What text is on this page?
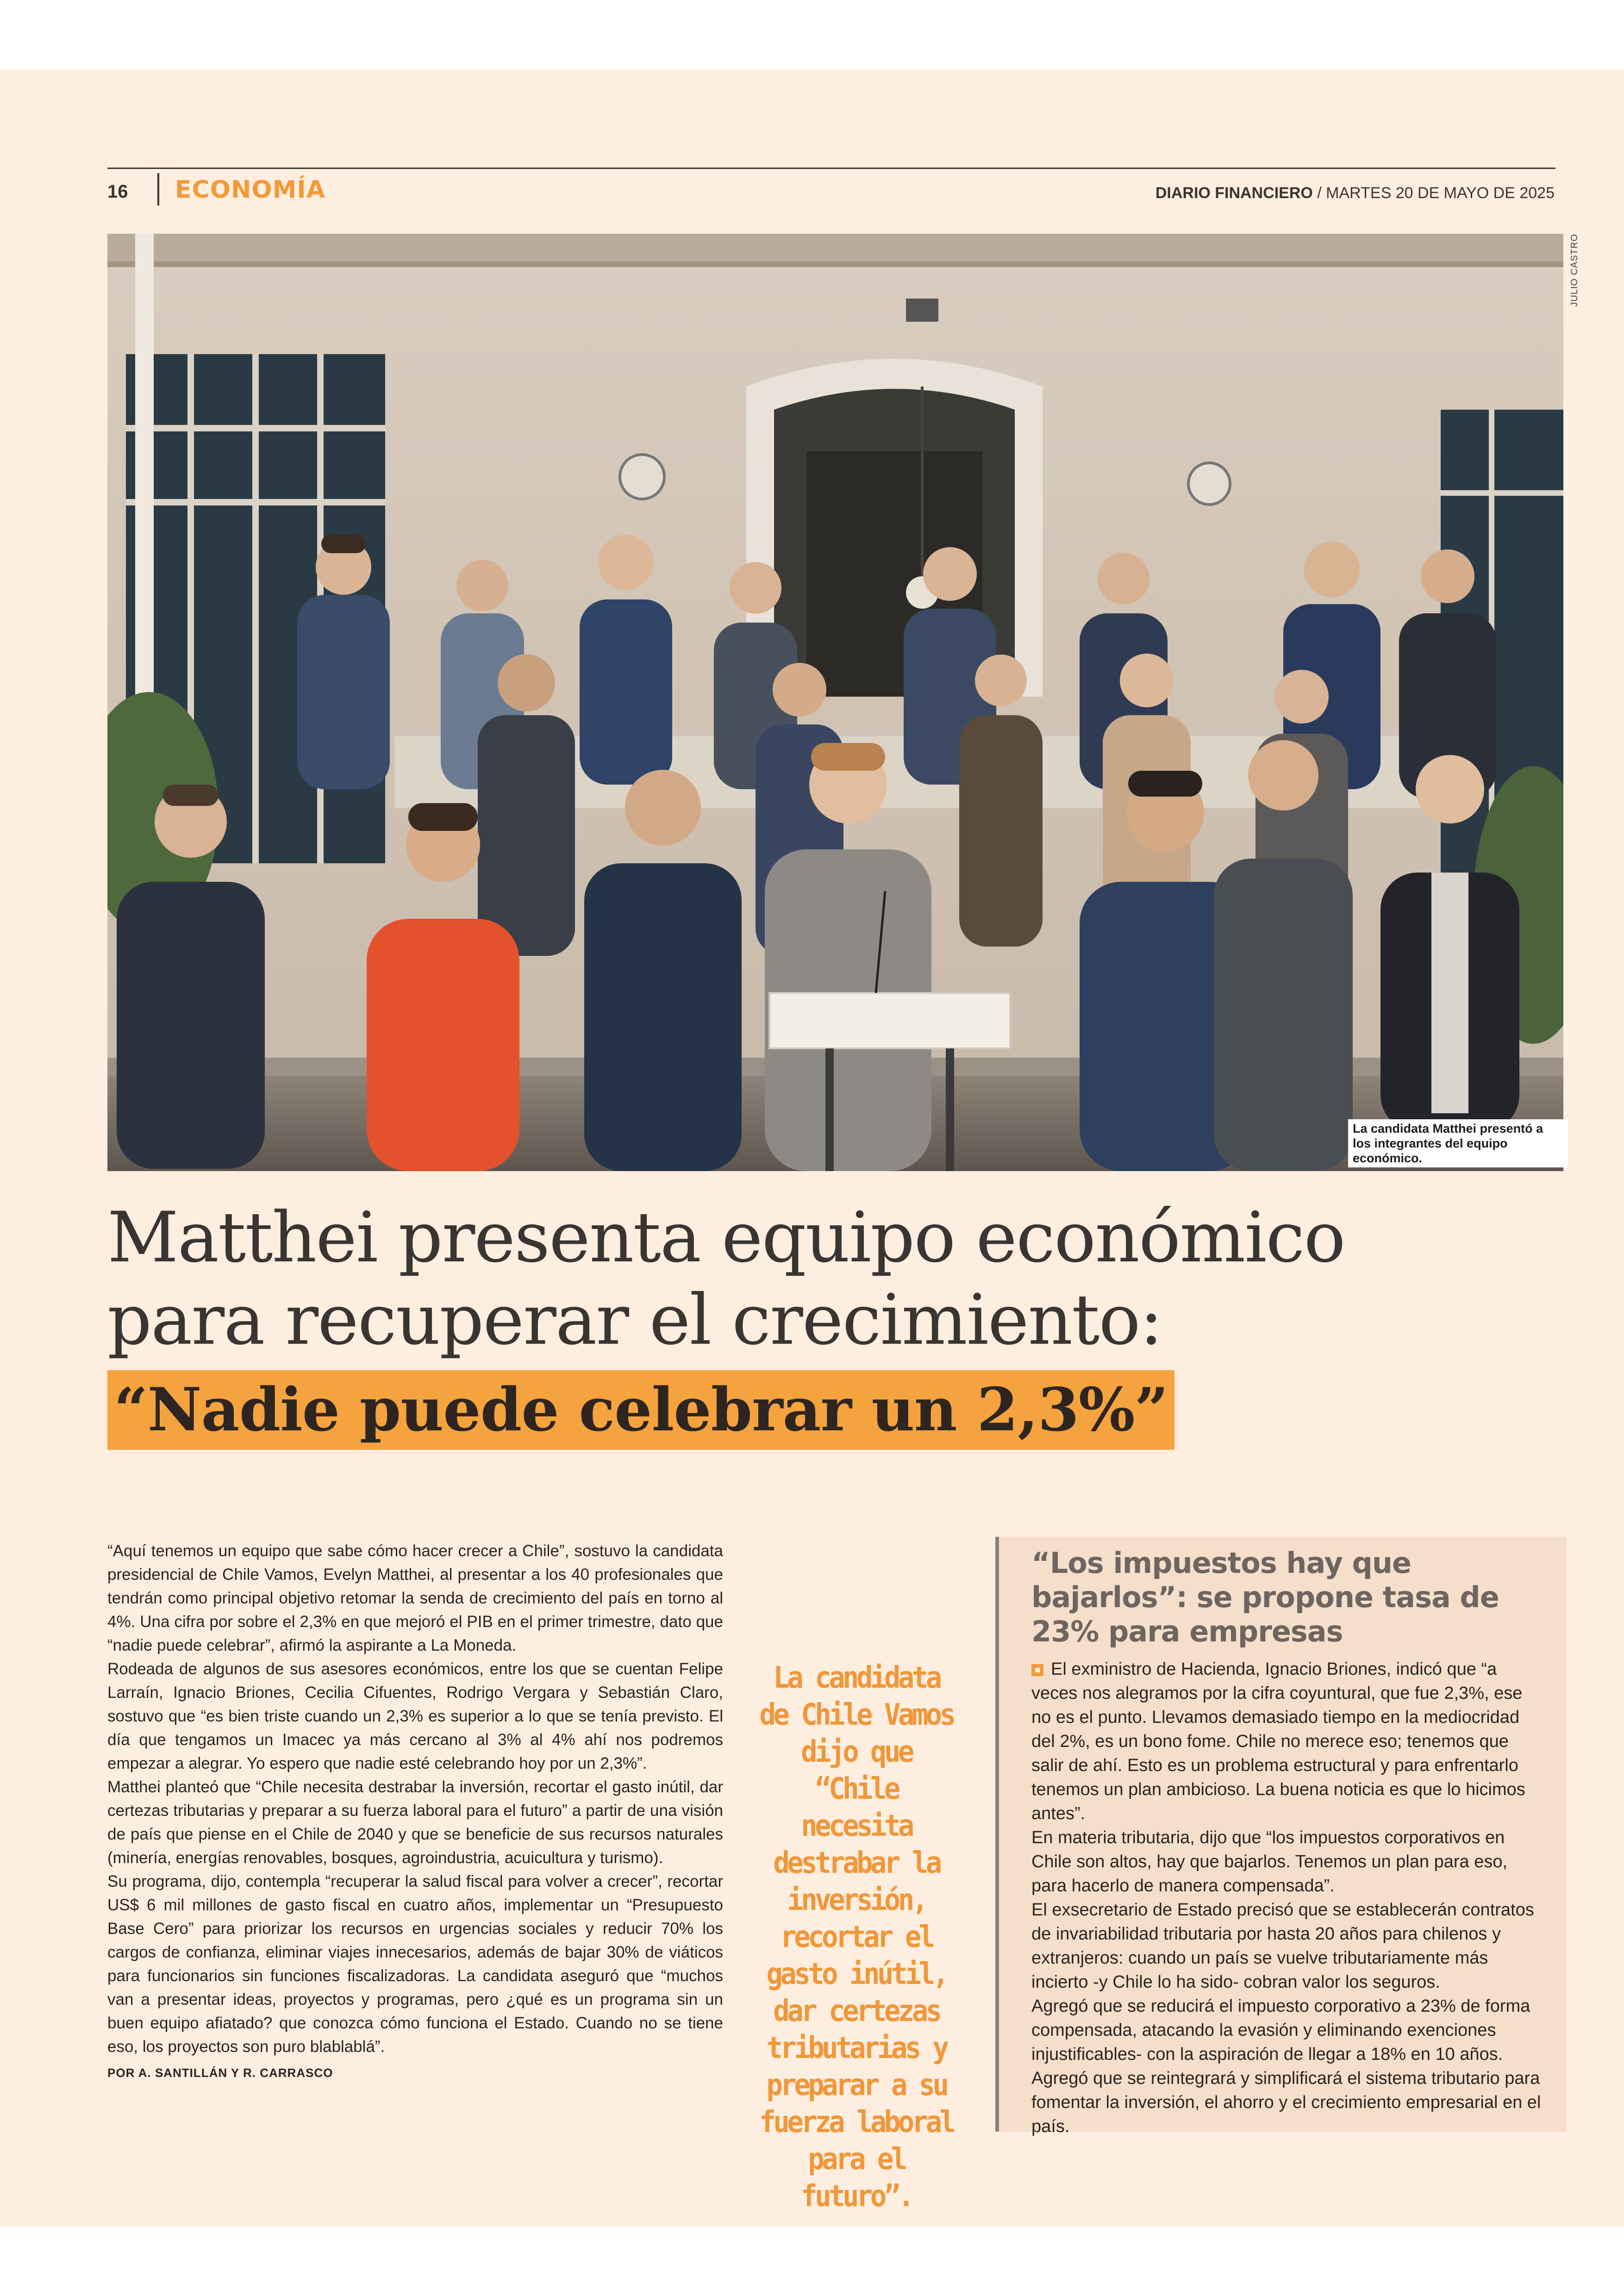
16 ECONOMÍA	DIARIO FINANCIERO / MARTES 20 DE MAYO DE 2025
JULIO CASTRO
La candidata Matthei presentó a los integrantes del equipo económico.
Matthei presenta equipo económico
para recuperar el crecimiento:
“Nadie puede celebrar un 2,3%”

“Aquí tenemos un equipo que sabe cómo hacer crecer a Chile”, sostuvo la candidata presidencial de Chile Vamos, Evelyn Matthei, al presentar a los 40 profesionales que tendrán como principal objetivo retomar la senda de crecimiento del país en torno al 4%. Una cifra por sobre el 2,3% en que mejoró el PIB en el primer trimestre, dato que “nadie puede celebrar”, afirmó la aspirante a La Moneda.

Rodeada de algunos de sus asesores económicos, entre los que se cuentan Felipe Larraín, Ignacio Briones, Cecilia Cifuentes, Rodrigo Vergara y Sebastián Claro, sostuvo que “es bien triste cuando un 2,3% es superior a lo que se tenía previsto. El día que tengamos un Imacec ya más cercano al 3% al 4% ahí nos podremos empezar a alegrar. Yo espero que nadie esté celebrando hoy por un 2,3%”.

Matthei planteó que “Chile necesita destrabar la inversión, recortar el gasto inútil, dar certezas tributarias y preparar a su fuerza laboral para el futuro” a partir de una visión de país que piense en el Chile de 2040 y que se beneficie de sus recursos naturales (minería, energías renovables, bosques, agroindustria, acuicultura y turismo).

Su programa, dijo, contempla “recuperar la salud fiscal para volver a crecer”, recortar US$ 6 mil millones de gasto fiscal en cuatro años, implementar un “Presupuesto Base Cero” para priorizar los recursos en urgencias sociales y reducir 70% los cargos de confianza, eliminar viajes innecesarios, además de bajar 30% de viáticos para funcionarios sin funciones fiscalizadoras. La candidata aseguró que “muchos van a presentar ideas, proyectos y programas, pero ¿qué es un programa sin un buen equipo afiatado? que conozca cómo funciona el Estado. Cuando no se tiene eso, los proyectos son puro blablablá”.

POR A. SANTILLÁN Y R. CARRASCO
La candidata de Chile Vamos dijo que “Chile necesita destrabar la inversión, recortar el gasto inútil, dar certezas tributarias y preparar a su fuerza laboral para el futuro”.
“Los impuestos hay que bajarlos”: se propone tasa de 23% para empresas

El exministro de Hacienda, Ignacio Briones, indicó que “a veces nos alegramos por la cifra coyuntural, que fue 2,3%, ese no es el punto. Llevamos demasiado tiempo en la mediocridad del 2%, es un bono fome. Chile no merece eso; tenemos que salir de ahí. Esto es un problema estructural y para enfrentarlo tenemos un plan ambicioso. La buena noticia es que lo hicimos antes”.

En materia tributaria, dijo que “los impuestos corporativos en Chile son altos, hay que bajarlos. Tenemos un plan para eso, para hacerlo de manera compensada”.

El exsecretario de Estado precisó que se establecerán contratos de invariabilidad tributaria por hasta 20 años para chilenos y extranjeros: cuando un país se vuelve tributariamente más incierto -y Chile lo ha sido- cobran valor los seguros.

Agregó que se reducirá el impuesto corporativo a 23% de forma compensada, atacando la evasión y eliminando exenciones injustificables- con la aspiración de llegar a 18% en 10 años.

Agregó que se reintegrará y simplificará el sistema tributario para fomentar la inversión, el ahorro y el crecimiento empresarial en el país.
